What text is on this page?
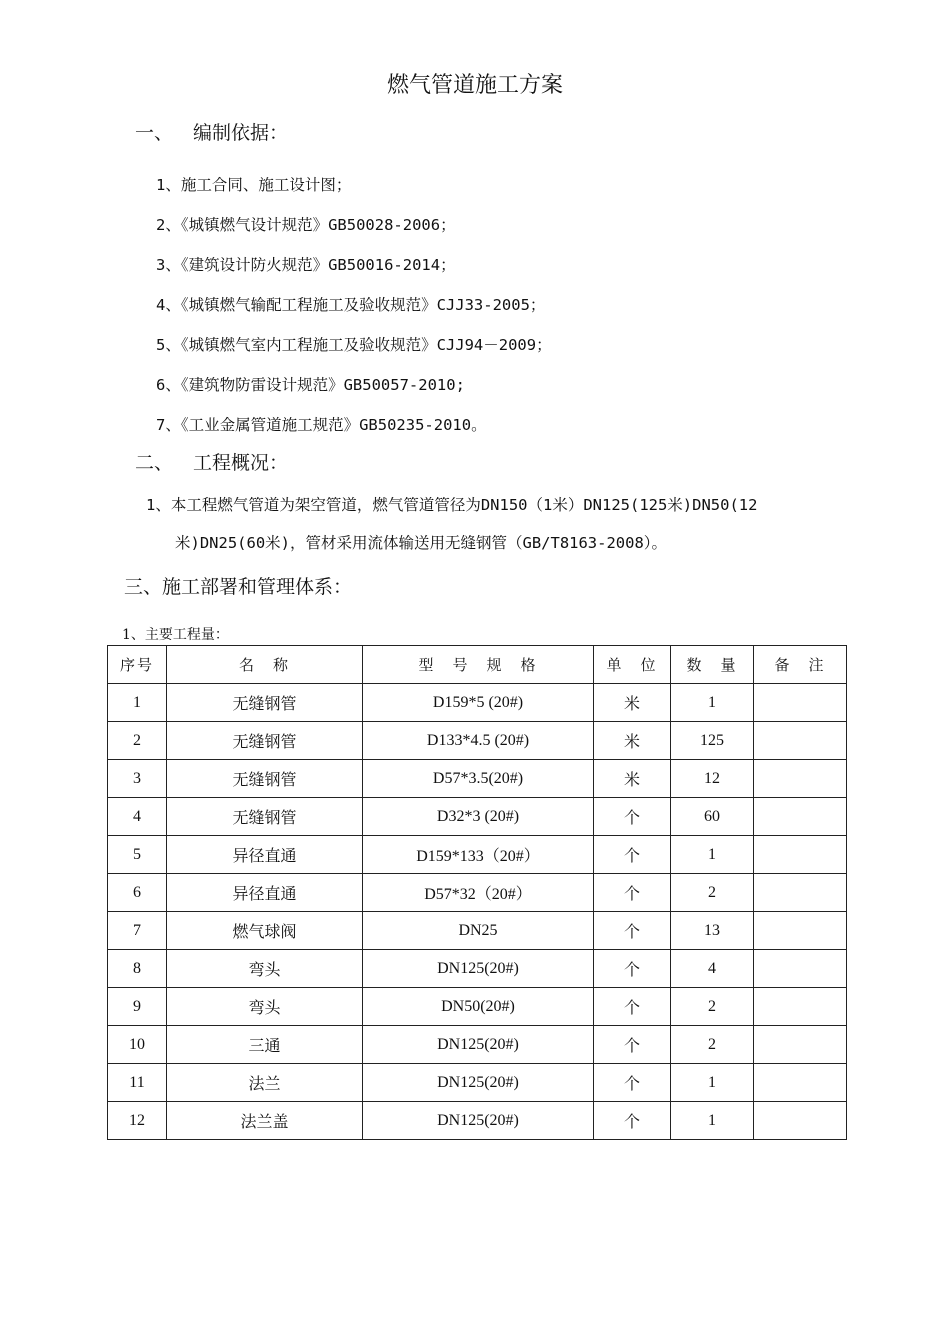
燃气管道施工方案
一、 编制依据：
1、施工合同、施工设计图；
2、《城镇燃气设计规范》GB50028-2006；
3、《建筑设计防火规范》GB50016-2014；
4、《城镇燃气输配工程施工及验收规范》CJJ33-2005；
5、《城镇燃气室内工程施工及验收规范》CJJ94－2009；
6、《建筑物防雷设计规范》GB50057-2010;
7、《工业金属管道施工规范》GB50235-2010。
二、 工程概况：
1、本工程燃气管道为架空管道，燃气管道管径为DN150（1米）DN125(125米)DN50(12
米)DN25(60米)，管材采用流体输送用无缝钢管（GB/T8163-2008）。
三、施工部署和管理体系：
1、主要工程量：
序号	名　称	型　号　规　格	单　位	数　量	备　注
1	无缝钢管	D159*5 (20#)	米	1	
2	无缝钢管	D133*4.5 (20#)	米	125	
3	无缝钢管	D57*3.5(20#)	米	12	
4	无缝钢管	D32*3 (20#)	个	60	
5	异径直通	D159*133（20#）	个	1	
6	异径直通	D57*32（20#）	个	2	
7	燃气球阀	DN25	个	13	
8	弯头	DN125(20#)	个	4	
9	弯头	DN50(20#)	个	2	
10	三通	DN125(20#)	个	2	
11	法兰	DN125(20#)	个	1	
12	法兰盖	DN125(20#)	个	1	
